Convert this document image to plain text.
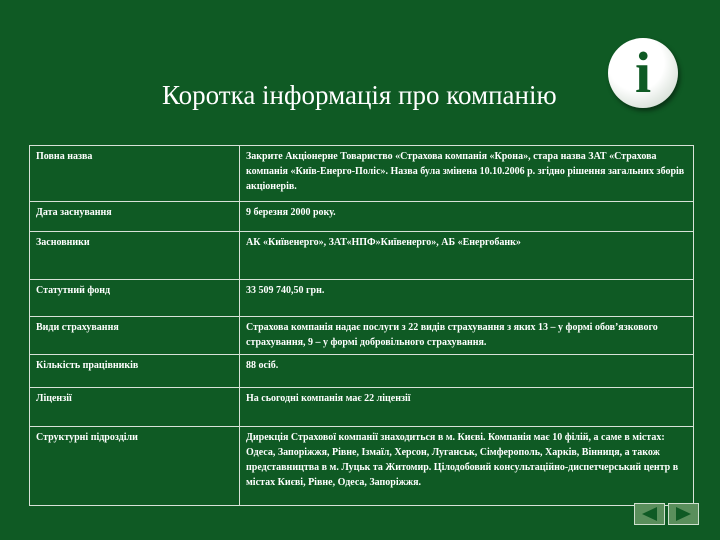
Коротка інформація про компанію	і
Повна назва	Закрите Акціонерне Товариство «Страхова компанія «Крона», стара назва ЗАТ «Страхова компанія «Київ-Енерго-Поліс». Назва була змінена 10.10.2006 р. згідно рішення загальних зборів акціонерів.
Дата заснування	9 березня 2000 року.
Засновники	АК «Київенерго», ЗАТ«НПФ»Київенерго», АБ «Енергобанк»
Статутний фонд	33 509 740,50 грн.
Види страхування	Страхова компанія надає послуги з 22 видів страхування з яких 13 – у формі обов’язкового страхування, 9 – у формі добровільного страхування.
Кількість працівників	88 осіб.
Ліцензії	На сьогодні компанія має 22 ліцензії
Структурні підрозділи	Дирекція Страхової компанії знаходиться в м. Києві. Компанія має 10 філій, а саме в містах: Одеса, Запоріжжя, Рівне, Ізмаїл, Херсон, Луганськ, Сімферополь, Харків, Вінниця, а також представництва в м. Луцьк та Житомир. Цілодобовий консультаційно-диспетчерський центр в містах Києві, Рівне, Одеса, Запоріжжя.
